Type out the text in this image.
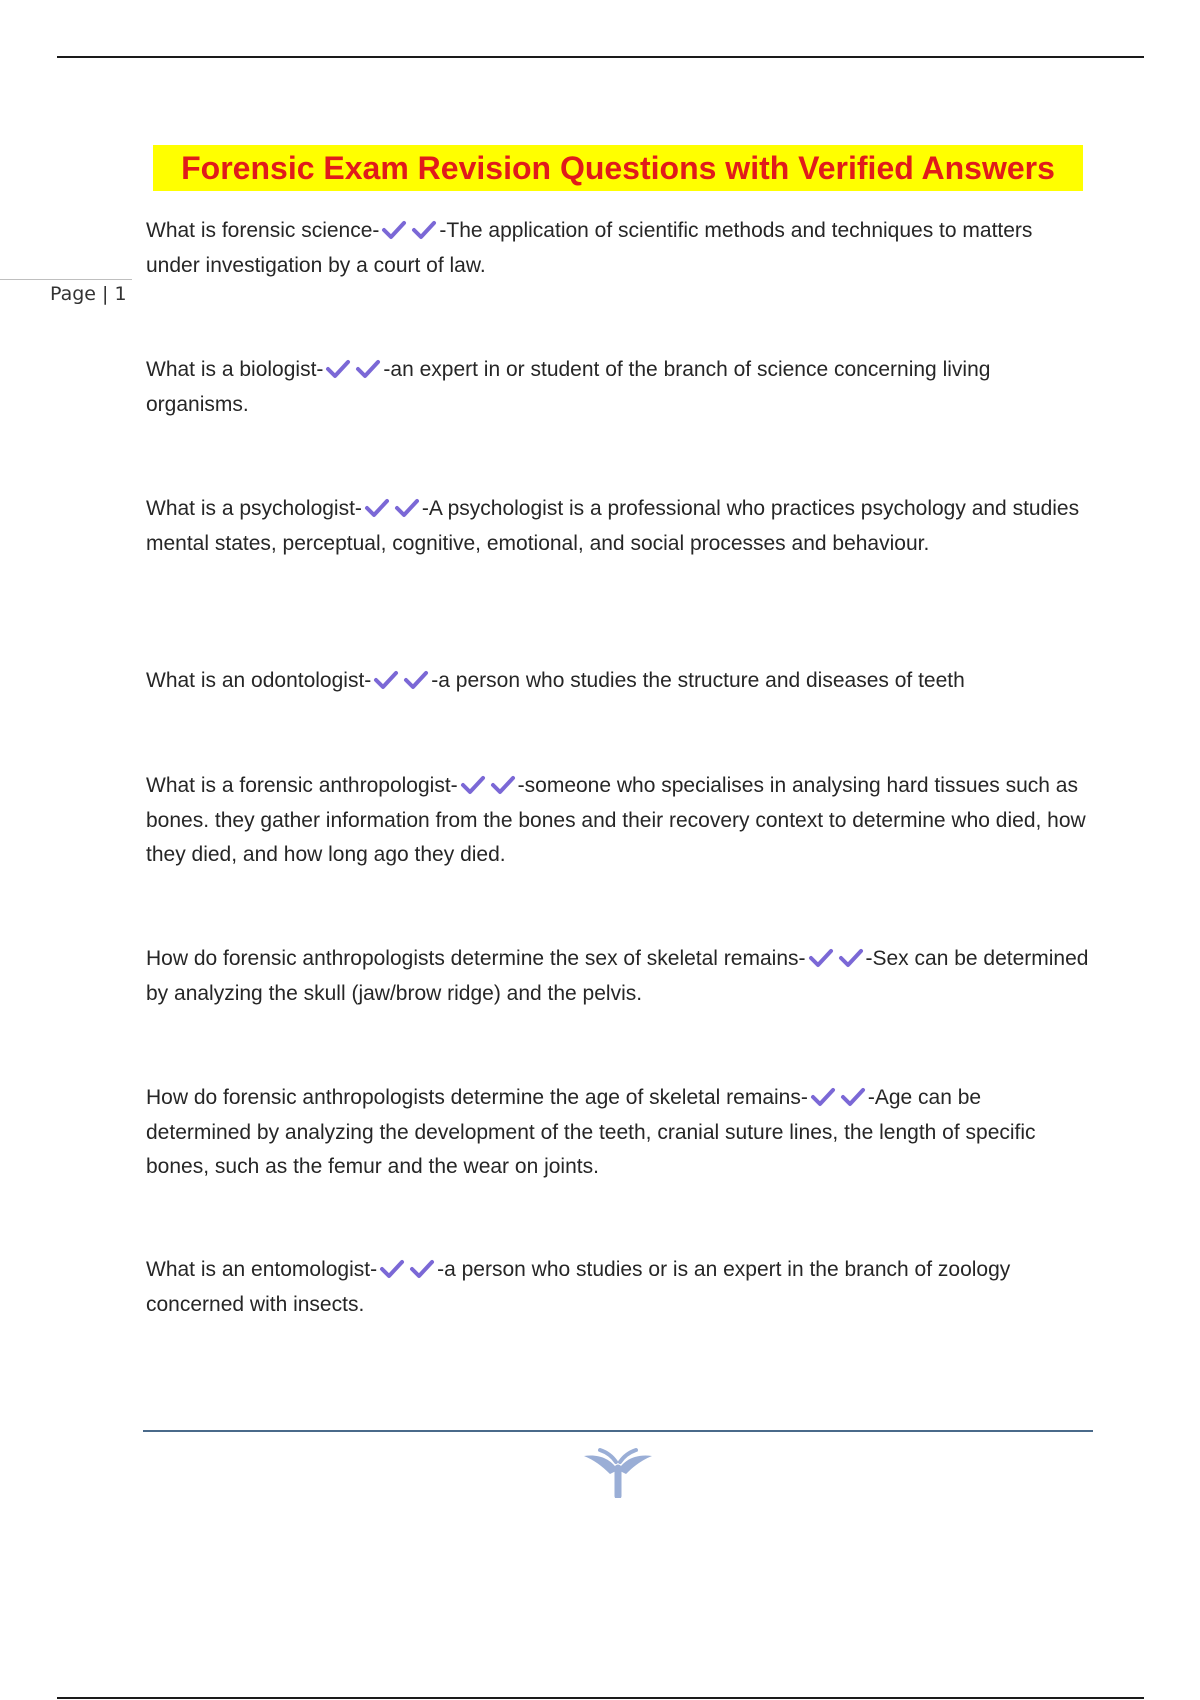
Forensic Exam Revision Questions with Verified Answers
Page | 1
What is forensic science-	-The application of scientific methods and techniques to matters under investigation by a court of law.
What is a biologist-	-an expert in or student of the branch of science concerning living organisms.
What is a psychologist-	-A psychologist is a professional who practices psychology and studies mental states, perceptual, cognitive, emotional, and social processes and behaviour.
What is an odontologist-	-a person who studies the structure and diseases of teeth
What is a forensic anthropologist-	-someone who specialises in analysing hard tissues such as bones. they gather information from the bones and their recovery context to determine who died, how they died, and how long ago they died.
How do forensic anthropologists determine the sex of skeletal remains-	-Sex can be determined by analyzing the skull (jaw/brow ridge) and the pelvis.
How do forensic anthropologists determine the age of skeletal remains-	-Age can be determined by analyzing the development of the teeth, cranial suture lines, the length of specific bones, such as the femur and the wear on joints.
What is an entomologist-	-a person who studies or is an expert in the branch of zoology concerned with insects.
